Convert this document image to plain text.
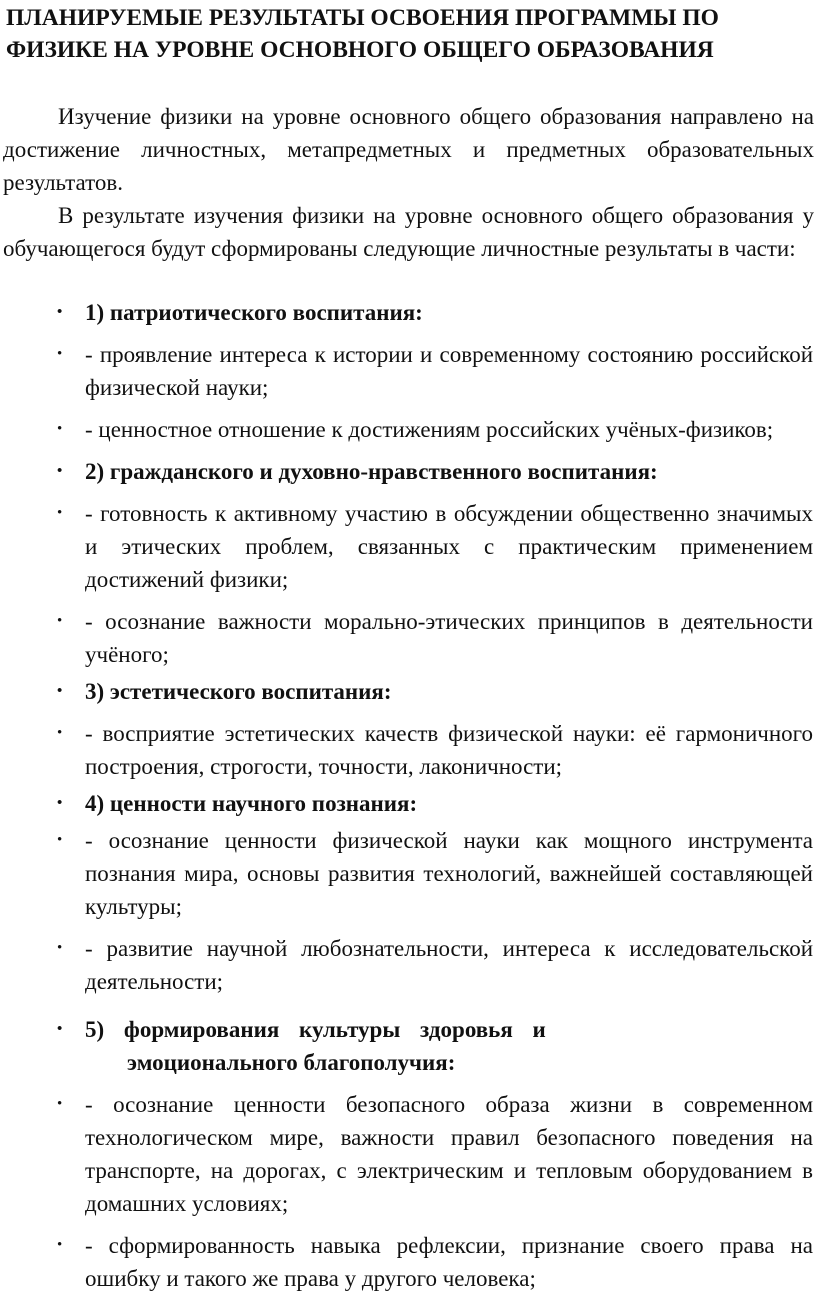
ПЛАНИРУЕМЫЕ РЕЗУЛЬТАТЫ ОСВОЕНИЯ ПРОГРАММЫ ПО
ФИЗИКЕ НА УРОВНЕ ОСНОВНОГО ОБЩЕГО ОБРАЗОВАНИЯ

Изучение физики на уровне основного общего образования направлено на достижение личностных, метапредметных и предметных образовательных результатов.

В результате изучения физики на уровне основного общего образования у обучающегося будут сформированы следующие личностные результаты в части:

• 1) патриотического воспитания:
• - проявление интереса к истории и современному состоянию российской физической науки;
• - ценностное отношение к достижениям российских учёных-физиков;
• 2) гражданского и духовно-нравственного воспитания:
• - готовность к активному участию в обсуждении общественно значимых и этических проблем, связанных с практическим применением достижений физики;
• - осознание важности морально-этических принципов в деятельности учёного;
• 3) эстетического воспитания:
• - восприятие эстетических качеств физической науки: её гармоничного построения, строгости, точности, лаконичности;
• 4) ценности научного познания:
• - осознание ценности физической науки как мощного инструмента познания мира, основы развития технологий, важнейшей составляющей культуры;
• - развитие научной любознательности, интереса к исследовательской деятельности;
• 5) формирования культуры здоровья и
эмоционального благополучия:
• - осознание ценности безопасного образа жизни в современном технологическом мире, важности правил безопасного поведения на транспорте, на дорогах, с электрическим и тепловым оборудованием в домашних условиях;
• - сформированность навыка рефлексии, признание своего права на ошибку и такого же права у другого человека;
